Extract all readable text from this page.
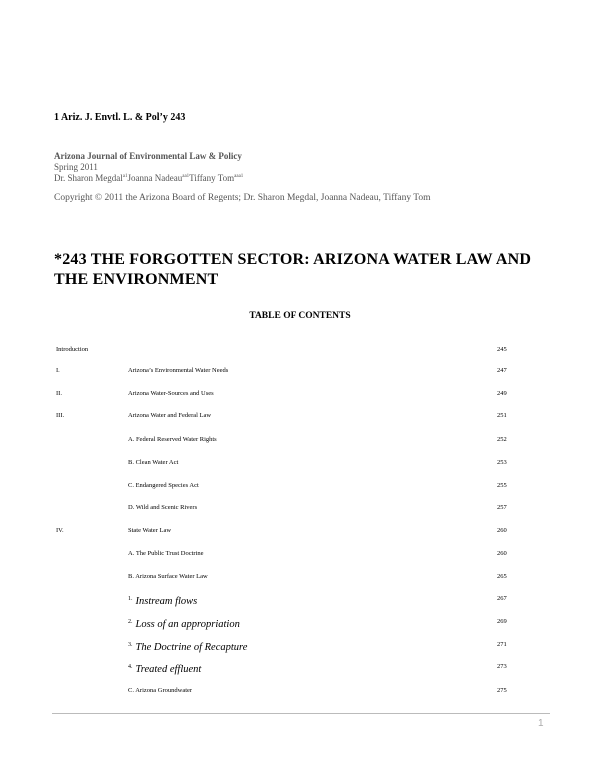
1 Ariz. J. Envtl. L. & Pol’y 243
Arizona Journal of Environmental Law & Policy
Spring 2011
Dr. Sharon Megdal$^{a1}$Joanna Nadeau$^{aa1}$Tiffany Tom$^{aaa1}$
Copyright © 2011 the Arizona Board of Regents; Dr. Sharon Megdal, Joanna Nadeau, Tiffany Tom
*243 THE FORGOTTEN SECTOR: ARIZONA WATER LAW AND THE ENVIRONMENT
TABLE OF CONTENTS
Introduction	245
I.	Arizona’s Environmental Water Needs	247
II.	Arizona Water-Sources and Uses	249
III.	Arizona Water and Federal Law	251
A. Federal Reserved Water Rights	252
B. Clean Water Act	253
C. Endangered Species Act	255
D. Wild and Scenic Rivers	257
IV.	State Water Law	260
A. The Public Trust Doctrine	260
B. Arizona Surface Water Law	265
$^{1.}$ Instream flows	267
$^{2.}$ Loss of an appropriation	269
$^{3.}$ The Doctrine of Recapture	271
$^{4.}$ Treated effluent	273
C. Arizona Groundwater	275
1
